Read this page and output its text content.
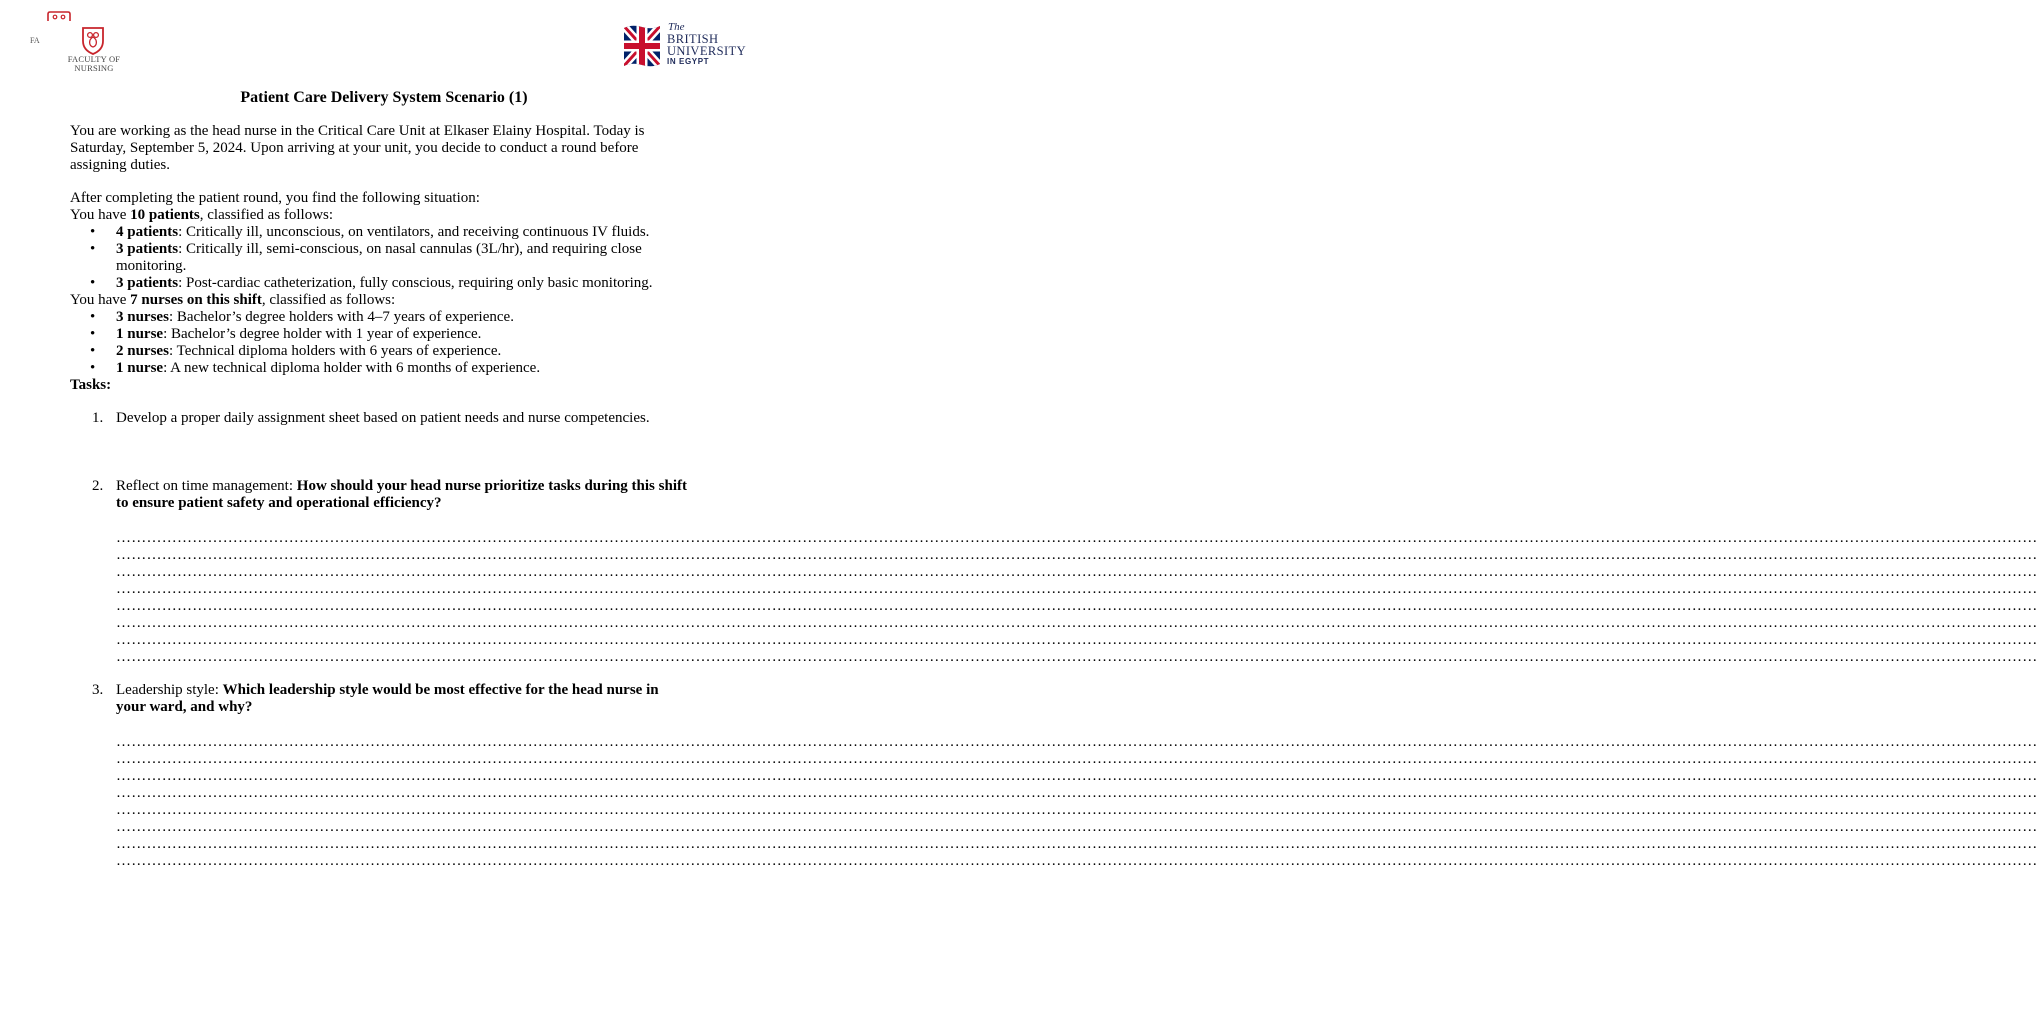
FA
FACULTY OF
NURSING
The
BRITISH
UNIVERSITY
IN EGYPT
Patient Care Delivery System Scenario (1)

You are working as the head nurse in the Critical Care Unit at Elkaser Elainy Hospital. Today is Saturday, September 5, 2024. Upon arriving at your unit, you decide to conduct a round before assigning duties.

After completing the patient round, you find the following situation:

You have 10 patients, classified as follows:

• 4 patients: Critically ill, unconscious, on ventilators, and receiving continuous IV fluids.
• 3 patients: Critically ill, semi-conscious, on nasal cannulas (3L/hr), and requiring close monitoring.
• 3 patients: Post-cardiac catheterization, fully conscious, requiring only basic monitoring.

You have 7 nurses on this shift, classified as follows:

• 3 nurses: Bachelor’s degree holders with 4–7 years of experience.
• 1 nurse: Bachelor’s degree holder with 1 year of experience.
• 2 nurses: Technical diploma holders with 6 years of experience.
• 1 nurse: A new technical diploma holder with 6 months of experience.

Tasks:

1. Develop a proper daily assignment sheet based on patient needs and nurse competencies.
2. Reflect on time management: How should your head nurse prioritize tasks during this shift to ensure patient safety and operational efficiency?
………………………………………………………………………………………………………………………………………………………………………………………………………………………………………………………………………………………………………………………………………………
………………………………………………………………………………………………………………………………………………………………………………………………………………………………………………………………………………………………………………………………………………
………………………………………………………………………………………………………………………………………………………………………………………………………………………………………………………………………………………………………………………………………………
………………………………………………………………………………………………………………………………………………………………………………………………………………………………………………………………………………………………………………………………………………
………………………………………………………………………………………………………………………………………………………………………………………………………………………………………………………………………………………………………………………………………………
………………………………………………………………………………………………………………………………………………………………………………………………………………………………………………………………………………………………………………………………………………
………………………………………………………………………………………………………………………………………………………………………………………………………………………………………………………………………………………………………………………………………………
………………………………………………………………………………………………………………………………………………………………………………………………………………………………………………………………………………………………………………………………………………
3. Leadership style: Which leadership style would be most effective for the head nurse in your ward, and why?
………………………………………………………………………………………………………………………………………………………………………………………………………………………………………………………………………………………………………………………………………………
………………………………………………………………………………………………………………………………………………………………………………………………………………………………………………………………………………………………………………………………………………
………………………………………………………………………………………………………………………………………………………………………………………………………………………………………………………………………………………………………………………………………………
………………………………………………………………………………………………………………………………………………………………………………………………………………………………………………………………………………………………………………………………………………
………………………………………………………………………………………………………………………………………………………………………………………………………………………………………………………………………………………………………………………………………………
………………………………………………………………………………………………………………………………………………………………………………………………………………………………………………………………………………………………………………………………………………
………………………………………………………………………………………………………………………………………………………………………………………………………………………………………………………………………………………………………………………………………………
………………………………………………………………………………………………………………………………………………………………………………………………………………………………………………………………………………………………………………………………………………
